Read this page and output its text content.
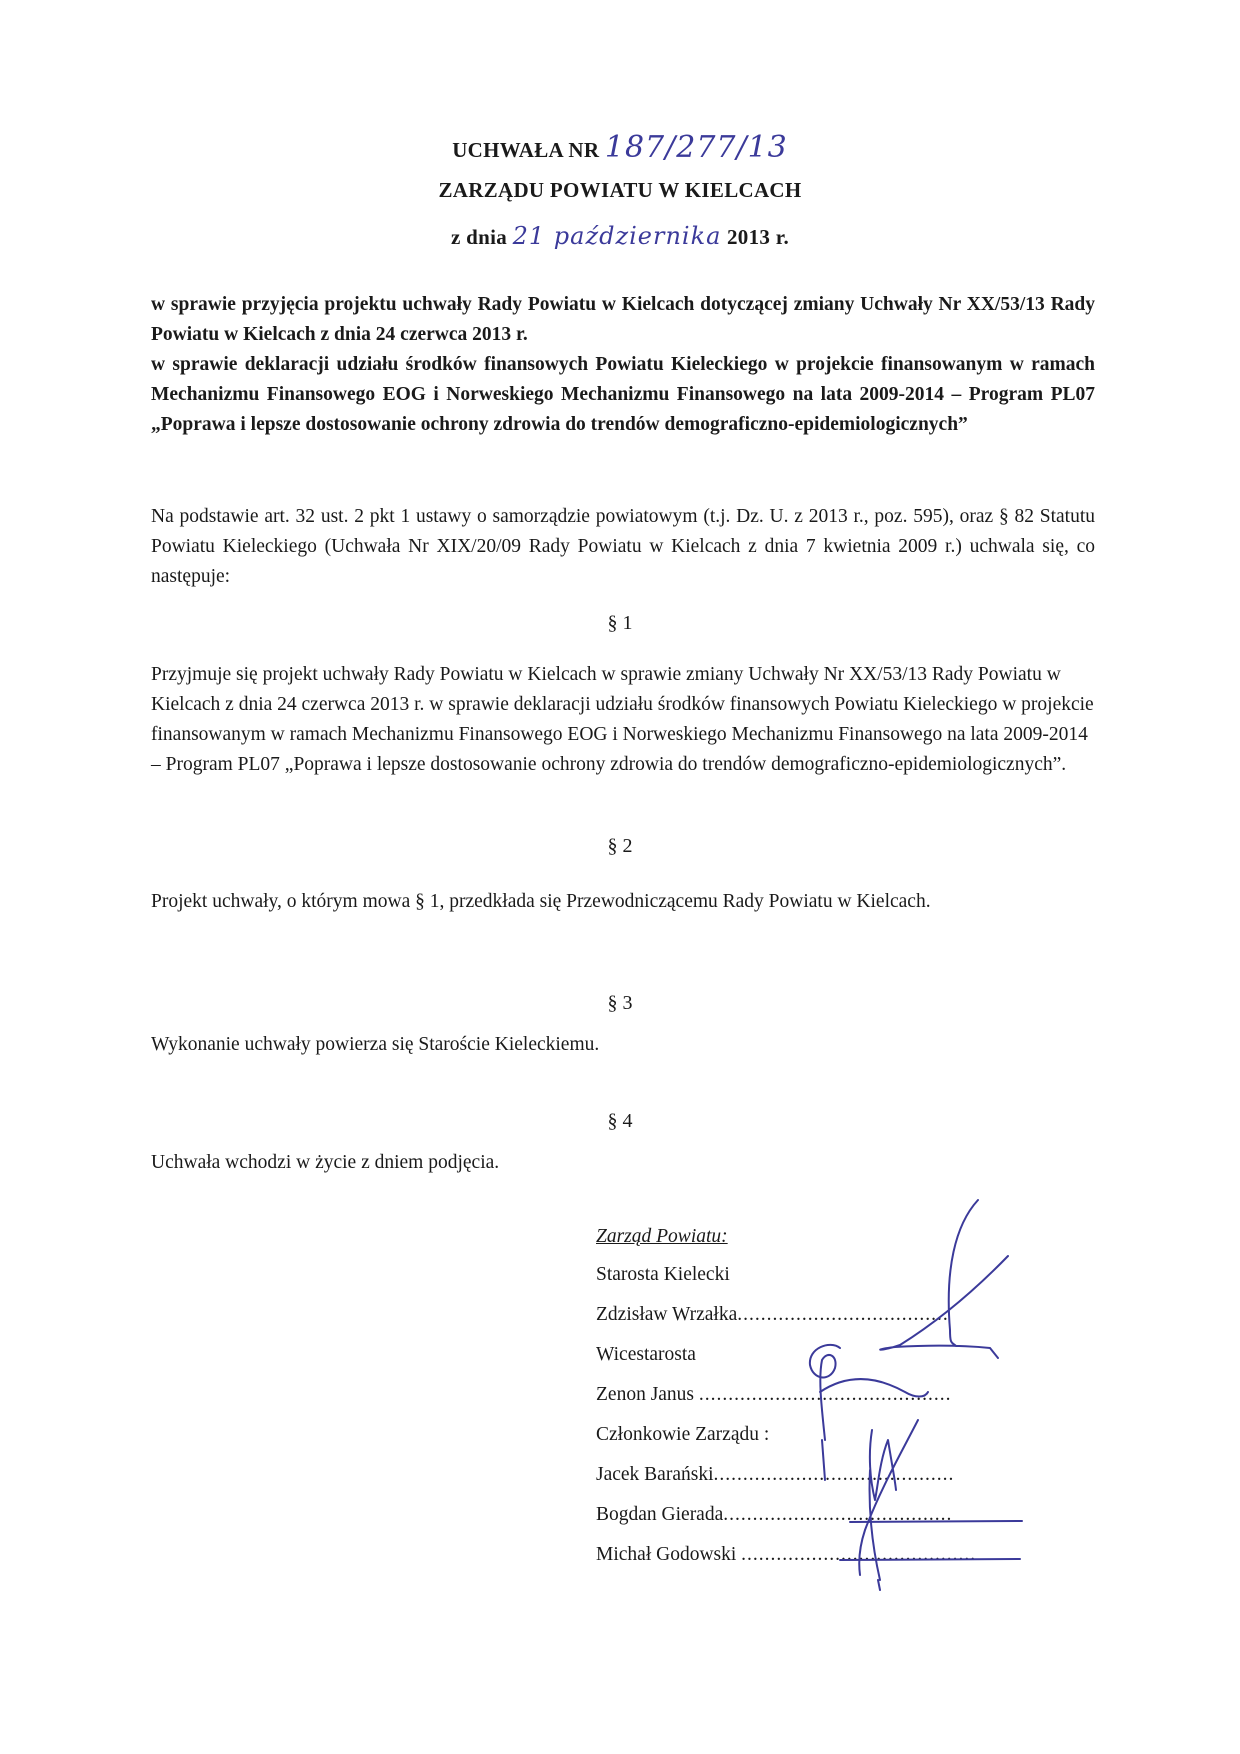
UCHWAŁA NR 187/277/13
ZARZĄDU POWIATU W KIELCACH
z dnia 21 października 2013 r.

w sprawie przyjęcia projektu uchwały Rady Powiatu w Kielcach dotyczącej zmiany Uchwały Nr XX/53/13 Rady Powiatu w Kielcach z dnia 24 czerwca 2013 r.

w sprawie deklaracji udziału środków finansowych Powiatu Kieleckiego w projekcie finansowanym w ramach Mechanizmu Finansowego EOG i Norweskiego Mechanizmu Finansowego na lata 2009-2014 – Program PL07 „Poprawa i lepsze dostosowanie ochrony zdrowia do trendów demograficzno-epidemiologicznych”

Na podstawie art. 32 ust. 2 pkt 1 ustawy o samorządzie powiatowym (t.j. Dz. U. z 2013 r., poz. 595), oraz § 82 Statutu Powiatu Kieleckiego (Uchwała Nr XIX/20/09 Rady Powiatu w Kielcach z dnia 7 kwietnia 2009 r.) uchwala się, co następuje:
§ 1
Przyjmuje się projekt uchwały Rady Powiatu w Kielcach w sprawie zmiany Uchwały Nr XX/53/13 Rady Powiatu w Kielcach z dnia 24 czerwca 2013 r. w sprawie deklaracji udziału środków finansowych Powiatu Kieleckiego w projekcie finansowanym w ramach Mechanizmu Finansowego EOG i Norweskiego Mechanizmu Finansowego na lata 2009-2014 – Program PL07 „Poprawa i lepsze dostosowanie ochrony zdrowia do trendów demograficzno-epidemiologicznych”.
§ 2
Projekt uchwały, o którym mowa § 1, przedkłada się Przewodniczącemu Rady Powiatu w Kielcach.
§ 3
Wykonanie uchwały powierza się Staroście Kieleckiemu.
§ 4
Uchwała wchodzi w życie z dniem podjęcia.
Zarząd Powiatu:
Starosta Kielecki
Zdzisław Wrzałka....................................
Wicestarosta
Zenon Janus ...........................................
Członkowie Zarządu :
Jacek Barański.........................................
Bogdan Gierada.......................................
Michał Godowski ........................................
